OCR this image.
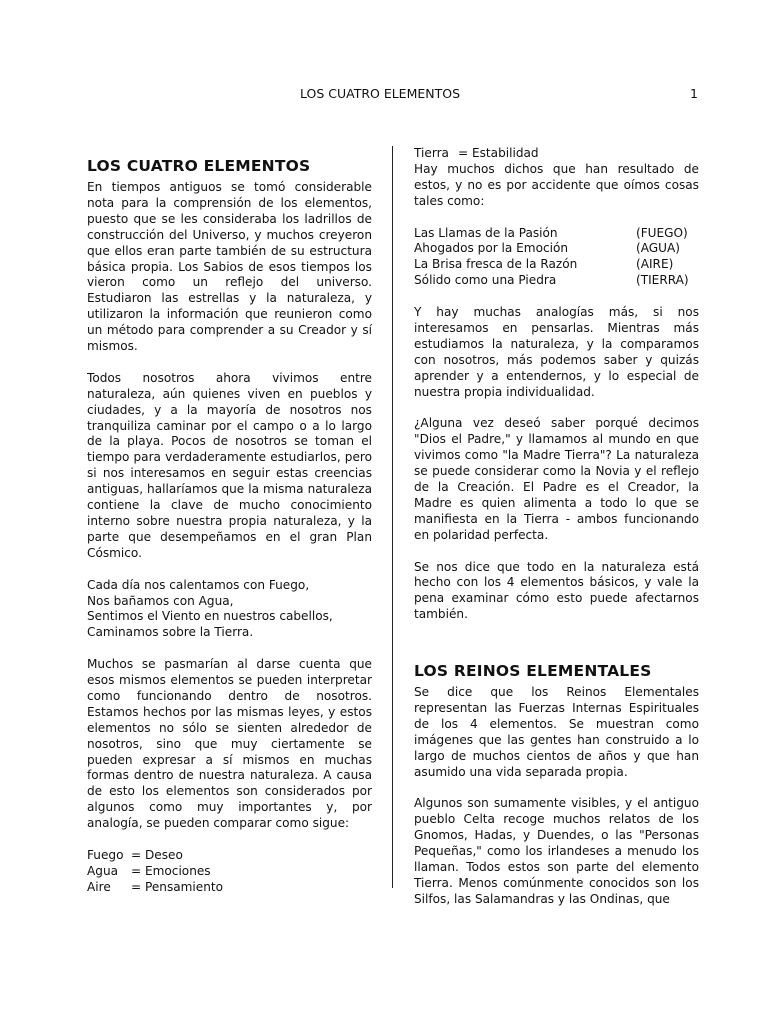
LOS CUATRO ELEMENTOS	1
LOS CUATRO ELEMENTOS

En tiempos antiguos se tomó considerable nota para la comprensión de los elementos, puesto que se les consideraba los ladrillos de construcción del Universo, y muchos creyeron que ellos eran parte también de su estructura básica propia. Los Sabios de esos tiempos los vieron como un reflejo del universo. Estudiaron las estrellas y la naturaleza, y utilizaron la información que reunieron como un método para comprender a su Creador y sí mismos.

Todos nosotros ahora vivimos entre naturaleza, aún quienes viven en pueblos y ciudades, y a la mayoría de nosotros nos tranquiliza caminar por el campo o a lo largo de la playa. Pocos de nosotros se toman el tiempo para verdaderamente estudiarlos, pero si nos interesamos en seguir estas creencias antiguas, hallaríamos que la misma naturaleza contiene la clave de mucho conocimiento interno sobre nuestra propia naturaleza, y la parte que desempeñamos en el gran Plan Cósmico.

Cada día nos calentamos con Fuego,
Nos bañamos con Agua,
Sentimos el Viento en nuestros cabellos,
Caminamos sobre la Tierra.

Muchos se pasmarían al darse cuenta que esos mismos elementos se pueden interpretar como funcionando dentro de nosotros. Estamos hechos por las mismas leyes, y estos elementos no sólo se sienten alrededor de nosotros, sino que muy ciertamente se pueden expresar a sí mismos en muchas formas dentro de nuestra naturaleza. A causa de esto los elementos son considerados por algunos como muy importantes y, por analogía, se pueden comparar como sigue:

Fuego = Deseo
Agua	= Emociones
Aire	= Pensamiento
Tierra = Estabilidad

Hay muchos dichos que han resultado de estos, y no es por accidente que oímos cosas tales como:

Las Llamas de la Pasión	(FUEGO)
Ahogados por la Emoción	(AGUA)
La Brisa fresca de la Razón	(AIRE)
Sólido como una Piedra	(TIERRA)

Y hay muchas analogías más, si nos interesamos en pensarlas. Mientras más estudiamos la naturaleza, y la comparamos con nosotros, más podemos saber y quizás aprender y a entendernos, y lo especial de nuestra propia individualidad.

¿Alguna vez deseó saber porqué decimos "Dios el Padre," y llamamos al mundo en que vivimos como "la Madre Tierra"? La naturaleza se puede considerar como la Novia y el reflejo de la Creación. El Padre es el Creador, la Madre es quien alimenta a todo lo que se manifiesta en la Tierra - ambos funcionando en polaridad perfecta.

Se nos dice que todo en la naturaleza está hecho con los 4 elementos básicos, y vale la pena examinar cómo esto puede afectarnos también.

LOS REINOS ELEMENTALES

Se dice que los Reinos Elementales representan las Fuerzas Internas Espirituales de los 4 elementos. Se muestran como imágenes que las gentes han construido a lo largo de muchos cientos de años y que han asumido una vida separada propia.

Algunos son sumamente visibles, y el antiguo pueblo Celta recoge muchos relatos de los Gnomos, Hadas, y Duendes, o las "Personas Pequeñas," como los irlandeses a menudo los llaman. Todos estos son parte del elemento Tierra. Menos comúnmente conocidos son los Silfos, las Salamandras y las Ondinas, que
